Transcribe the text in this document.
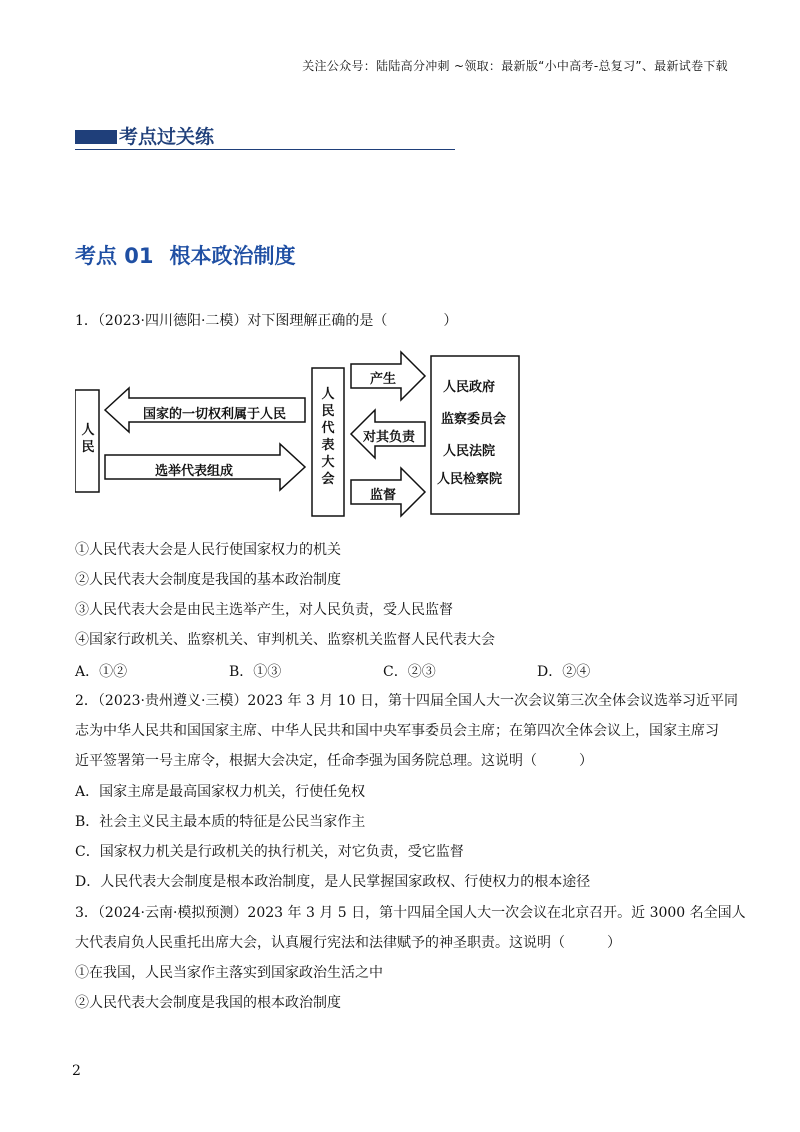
关注公众号：陆陆高分冲刺 ~领取：最新版“小中高考-总复习”、最新试卷下载
考点过关练
考点 01 根本政治制度
1．（2023·四川德阳·二模）对下图理解正确的是（　　　　）
人民
国家的一切权利属于人民
选举代表组成
人民代表大会
产生
对其负责
监督
人民政府
监察委员会
人民法院
人民检察院
①人民代表大会是人民行使国家权力的机关
②人民代表大会制度是我国的基本政治制度
③人民代表大会是由民主选举产生，对人民负责，受人民监督
④国家行政机关、监察机关、审判机关、监察机关监督人民代表大会
A．①②	B．①③	C．②③	D．②④
2．（2023·贵州遵义·三模）2023 年 3 月 10 日，第十四届全国人大一次会议第三次全体会议选举习近平同
志为中华人民共和国国家主席、中华人民共和国中央军事委员会主席；在第四次全体会议上，国家主席习
近平签署第一号主席令，根据大会决定，任命李强为国务院总理。这说明（　　　）
A．国家主席是最高国家权力机关，行使任免权
B．社会主义民主最本质的特征是公民当家作主
C．国家权力机关是行政机关的执行机关，对它负责，受它监督
D．人民代表大会制度是根本政治制度，是人民掌握国家政权、行使权力的根本途径
3．（2024·云南·模拟预测）2023 年 3 月 5 日，第十四届全国人大一次会议在北京召开。近 3000 名全国人
大代表肩负人民重托出席大会，认真履行宪法和法律赋予的神圣职责。这说明（　　　）
①在我国，人民当家作主落实到国家政治生活之中
②人民代表大会制度是我国的根本政治制度
2
